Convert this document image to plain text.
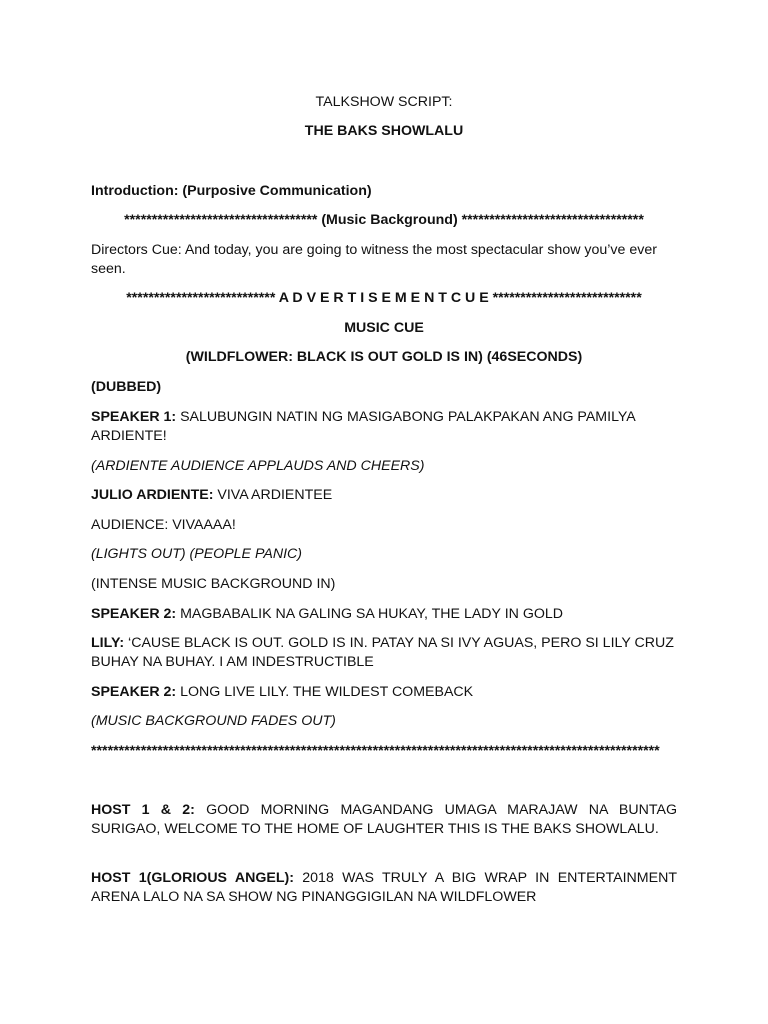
TALKSHOW SCRIPT:

THE BAKS SHOWLALU

Introduction: (Purposive Communication)

*********************************** (Music Background) *********************************

Directors Cue: And today, you are going to witness the most spectacular show you’ve ever seen.

*************************** A D V E R T I S E M E N T C U E ***************************

MUSIC CUE

(WILDFLOWER: BLACK IS OUT GOLD IS IN) (46SECONDS)

(DUBBED)

SPEAKER 1: SALUBUNGIN NATIN NG MASIGABONG PALAKPAKAN ANG PAMILYA ARDIENTE!

(ARDIENTE AUDIENCE APPLAUDS AND CHEERS)

JULIO ARDIENTE: VIVA ARDIENTEE

AUDIENCE: VIVAAAA!

(LIGHTS OUT) (PEOPLE PANIC)

(INTENSE MUSIC BACKGROUND IN)

SPEAKER 2: MAGBABALIK NA GALING SA HUKAY, THE LADY IN GOLD

LILY: ‘CAUSE BLACK IS OUT. GOLD IS IN. PATAY NA SI IVY AGUAS, PERO SI LILY CRUZ BUHAY NA BUHAY. I AM INDESTRUCTIBLE

SPEAKER 2: LONG LIVE LILY. THE WILDEST COMEBACK

(MUSIC BACKGROUND FADES OUT)

*******************************************************************************************************

HOST 1 & 2: GOOD MORNING MAGANDANG UMAGA MARAJAW NA BUNTAG SURIGAO, WELCOME TO THE HOME OF LAUGHTER THIS IS THE BAKS SHOWLALU.

HOST 1(GLORIOUS ANGEL): 2018 WAS TRULY A BIG WRAP IN ENTERTAINMENT ARENA LALO NA SA SHOW NG PINANGGIGILAN NA WILDFLOWER
